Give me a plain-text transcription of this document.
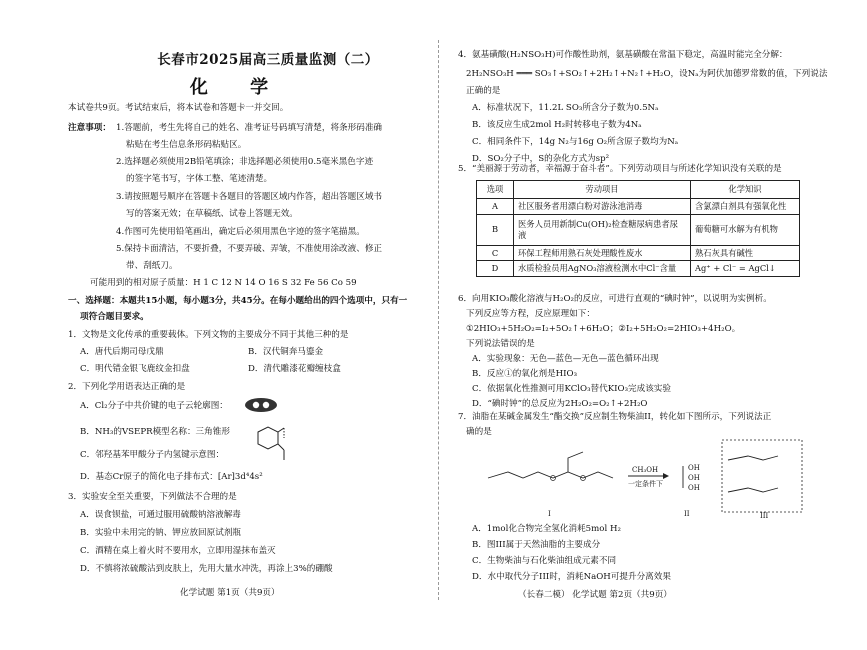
长春市2025届高三质量监测（二）
化 学
本试卷共9页。考试结束后，将本试卷和答题卡一并交回。
注意事项： 1.答题前，考生先将自己的姓名、准考证号码填写清楚，将条形码准确
粘贴在考生信息条形码粘贴区。
2.选择题必须使用2B铅笔填涂；非选择题必须使用0.5毫米黑色字迹
的签字笔书写，字体工整、笔迹清楚。
3.请按照题号顺序在答题卡各题目的答题区域内作答，超出答题区域书
写的答案无效；在草稿纸、试卷上答题无效。
4.作图可先使用铅笔画出，确定后必须用黑色字迹的签字笔描黑。
5.保持卡面清洁，不要折叠，不要弄破、弄皱，不准使用涂改液、修正
带、刮纸刀。
可能用到的相对原子质量：H 1 C 12 N 14 O 16 S 32 Fe 56 Co 59
一、选择题：本题共15小题，每小题3分，共45分。在每小题给出的四个选项中，只有一
项符合题目要求。
1．文物是文化传承的重要载体。下列文物的主要成分不同于其他三种的是
A．唐代后期司母戊鼎	B．汉代铜奔马鎏金
C．明代错金银飞鹿纹金扣盘	D．清代雕漆花瓣缠枝盒
2．下列化学用语表达正确的是
A．Cl₂分子中共价键的电子云轮廓图：
B．NH₃的VSEPR模型名称：三角锥形
C．邻羟基苯甲酸分子内氢键示意图：
D．基态Cr原子的简化电子排布式：[Ar]3d⁴4s²
3．实验安全至关重要，下列做法不合理的是
A．误食钡盐，可通过服用硫酸钠溶液解毒
B．实验中未用完的钠、钾应放回原试剂瓶
C．酒精在桌上着火时不要用水，立即用湿抹布盖灭
D．不慎将浓硫酸沾到皮肤上，先用大量水冲洗，再涂上3%的硼酸
化学试题 第1页（共9页）
4．氨基磺酸(H₂NSO₃H)可作酸性助剂，氨基磺酸在常温下稳定，高温时能完全分解：
2H₂NSO₃H ═══ SO₃↑+SO₂↑+2H₂↑+N₂↑+H₂O，设Nₐ为阿伏加德罗常数的值，下列说法
正确的是
A．标准状况下，11.2L SO₃所含分子数为0.5Nₐ
B．该反应生成2mol H₂时转移电子数为4Nₐ
C．相同条件下，14g N₂与16g O₂所含原子数均为Nₐ
D．SO₂分子中，S的杂化方式为sp²
5．“美丽源于劳动者，幸福源于奋斗者”。下列劳动项目与所述化学知识没有关联的是
选项	劳动项目	化学知识
A	社区服务者用漂白粉对游泳池消毒	含氯漂白剂具有强氧化性
B	医务人员用新制Cu(OH)₂检查糖尿病患者尿液	葡萄糖可水解为有机物
C	环保工程师用熟石灰处理酸性废水	熟石灰具有碱性
D	水质检验员用AgNO₃溶液检测水中Cl⁻含量	Ag⁺ + Cl⁻ = AgCl↓
6．向用KIO₃酸化溶液与H₂O₂的反应，可进行直观的“碘时钟”，以说明为实例析。
下列反应等方程，反应原理如下：
①2HIO₃+5H₂O₂=I₂+5O₂↑+6H₂O；②I₂+5H₂O₂=2HIO₃+4H₂O。
下列说法错误的是
A．实验现象：无色—蓝色—无色—蓝色循环出现
B．反应①的氧化剂是HIO₃
C．依据氧化性推测可用KClO₃替代KIO₃完成该实验
D．“碘时钟”的总反应为2H₂O₂=O₂↑+2H₂O
7．油脂在某碱金属发生“酯交换”反应制生物柴油II，转化如下图所示，下列说法正
确的是
CH₃OH
一定条件下
OH
OH
OH
I	II	III
A．1mol化合物完全氢化消耗5mol H₂
B．图III属于天然油脂的主要成分
C．生物柴油与石化柴油组成元素不同
D．水中取代分子III时，消耗NaOH可提升分离效果
（长春二模） 化学试题 第2页（共9页）
